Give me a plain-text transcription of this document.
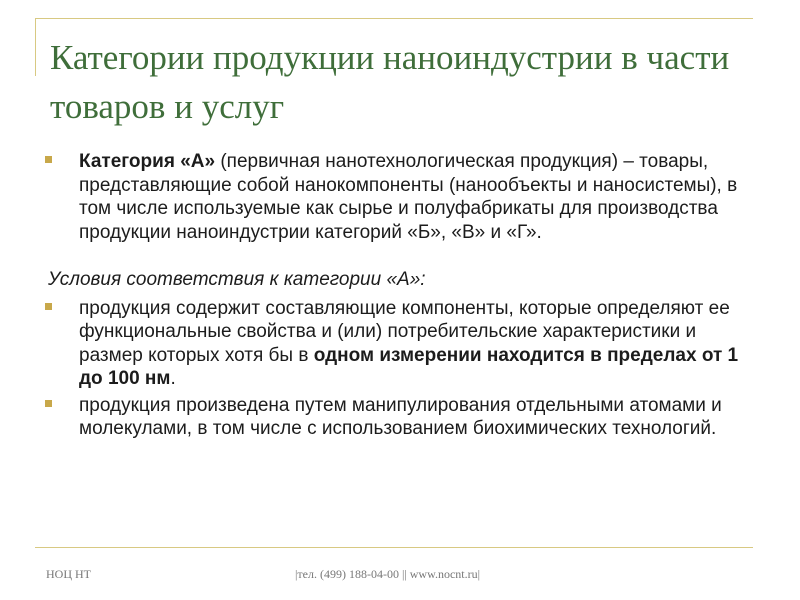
Категории продукции наноиндустрии в части товаров и услуг
Категория «А» (первичная нанотехнологическая продукция) – товары, представляющие собой нанокомпоненты (нанообъекты и наносистемы), в том числе используемые как сырье и полуфабрикаты для производства продукции наноиндустрии категорий «Б», «В» и «Г».
Условия соответствия к категории «А»:
продукция содержит составляющие компоненты, которые определяют ее функциональные свойства и (или) потребительские характеристики и размер которых хотя бы в одном измерении находится в пределах от 1 до 100 нм.
продукция произведена путем манипулирования отдельными атомами и молекулами, в том числе с использованием биохимических технологий.
НОЦ НТ	|тел. (499) 188-04-00 || www.nocnt.ru|
